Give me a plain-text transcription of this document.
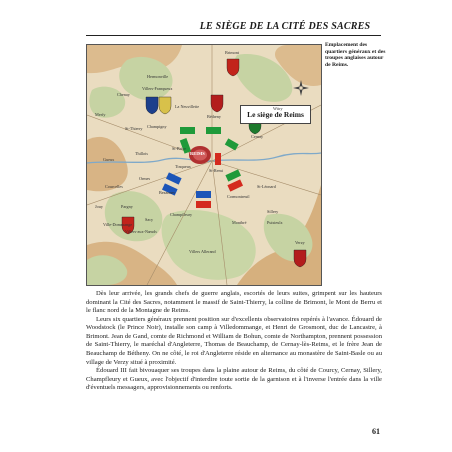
LE SIÈGE DE LA CITÉ DES SACRES
Le siège de Reims
Brimont
Chenay
Villers-Franqueux
St-Thierry
Hermonville
Merfy
La Neuvillette
Bétheny
Witry
Cernay
Champigny
Thillois
Tinqueux
St-Brice
REIMS
St-Remi
Gueux
Ormes
Courcelles
Bezannes
Pargny
Jouy
Villers-aux-Nœuds
Montbré
Champfleury
Sacy
St-Léonard
Sillery
Puisieulx
Villers Allerand
Verzy
Ville-Dommange
Cormontreuil
Emplacement des quartiers généraux et des troupes anglaises autour de Reims.

Dès leur arrivée, les grands chefs de guerre anglais, escortés de leurs suites, grimpent sur les hauteurs dominant la Cité des Sacres, notamment le massif de Saint-Thierry, la colline de Brimont, le Mont de Berru et le flanc nord de la Montagne de Reims.

Leurs six quartiers généraux prennent position sur d'excellents observatoires repérés à l'avance. Édouard de Woodstock (le Prince Noir), installe son camp à Villedommange, et Henri de Grosmont, duc de Lancastre, à Brimont. Jean de Gand, comte de Richmond et William de Bohun, comte de Northampton, prennent possession de Saint-Thierry, le maréchal d'Angleterre, Thomas de Beauchamp, de Cernay-lès-Reims, et le frère Jean de Beauchamp de Bétheny. On ne côté, le roi d'Angleterre réside en alternance au monastère de Saint-Basle ou au village de Verzy situé à proximité.

Édouard III fait bivouaquer ses troupes dans la plaine autour de Reims, du côté de Courcy, Cernay, Sillery, Champfleury et Gueux, avec l'objectif d'interdire toute sortie de la garnison et à l'inverse l'entrée dans la ville d'éventuels messagers, approvisionnements ou renforts.

61
